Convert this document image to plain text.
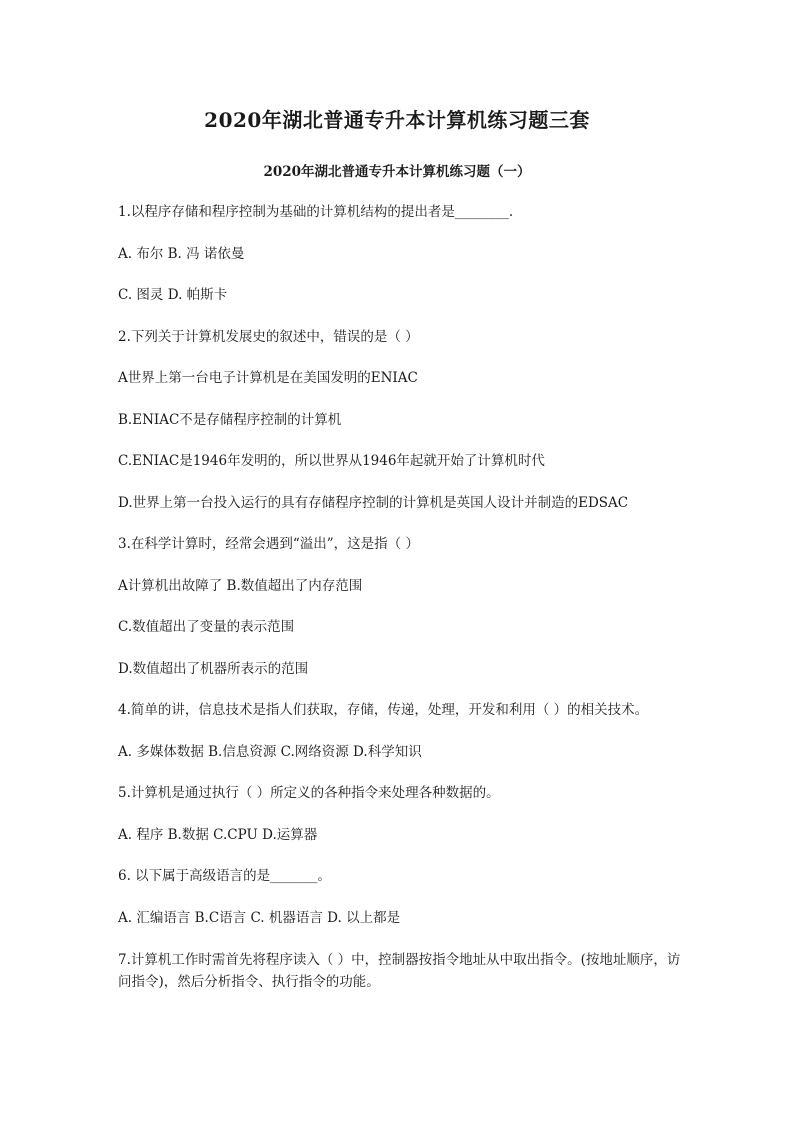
2020年湖北普通专升本计算机练习题三套
2020年湖北普通专升本计算机练习题（一）

1.以程序存储和程序控制为基础的计算机结构的提出者是________.

A. 布尔 B. 冯 诺依曼

C. 图灵 D. 帕斯卡

2.下列关于计算机发展史的叙述中，错误的是（ ）

A世界上第一台电子计算机是在美国发明的ENIAC

B.ENIAC不是存储程序控制的计算机

C.ENIAC是1946年发明的，所以世界从1946年起就开始了计算机时代

D.世界上第一台投入运行的具有存储程序控制的计算机是英国人设计并制造的EDSAC

3.在科学计算时，经常会遇到“溢出”，这是指（ ）

A计算机出故障了 B.数值超出了内存范围

C.数值超出了变量的表示范围

D.数值超出了机器所表示的范围

4.简单的讲，信息技术是指人们获取，存储，传递，处理，开发和利用（ ）的相关技术。

A. 多媒体数据 B.信息资源 C.网络资源 D.科学知识

5.计算机是通过执行（ ）所定义的各种指令来处理各种数据的。

A. 程序 B.数据 C.CPU D.运算器

6. 以下属于高级语言的是_______。

A. 汇编语言 B.C语言 C. 机器语言 D. 以上都是

7.计算机工作时需首先将程序读入（ ）中，控制器按指令地址从中取出指令。(按地址顺序，访问指令)，然后分析指令、执行指令的功能。
